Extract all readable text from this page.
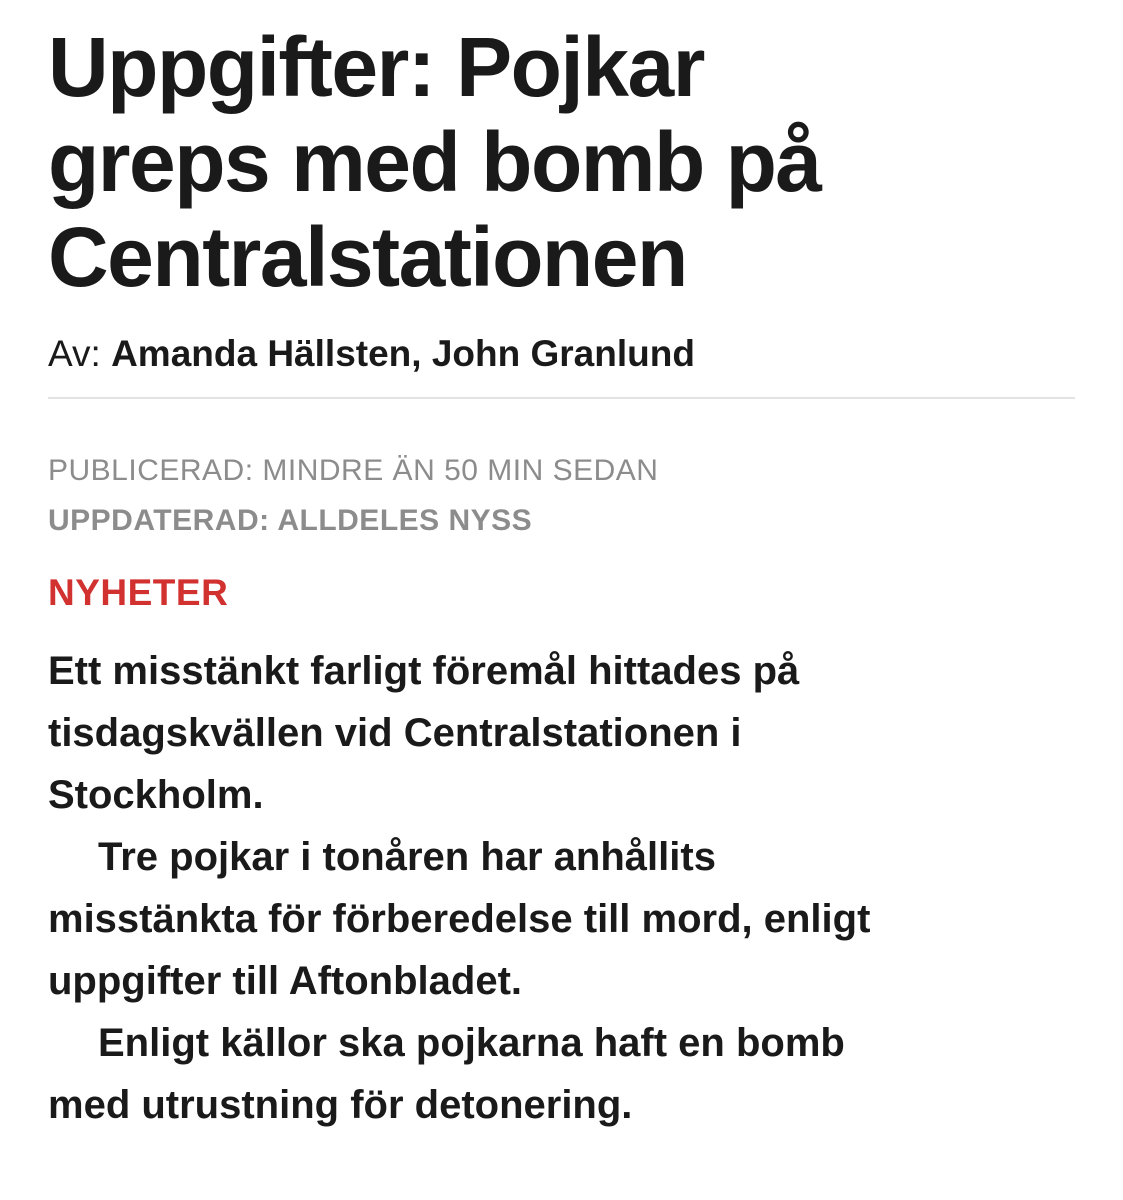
Uppgifter: Pojkar
greps med bomb på
Centralstationen
Av: Amanda Hällsten, John Granlund
PUBLICERAD: MINDRE ÄN 50 MIN SEDAN
UPPDATERAD: ALLDELES NYSS
NYHETER
Ett misstänkt farligt föremål hittades på
tisdagskvällen vid Centralstationen i
Stockholm.
Tre pojkar i tonåren har anhållits
misstänkta för förberedelse till mord, enligt
uppgifter till Aftonbladet.
Enligt källor ska pojkarna haft en bomb
med utrustning för detonering.
